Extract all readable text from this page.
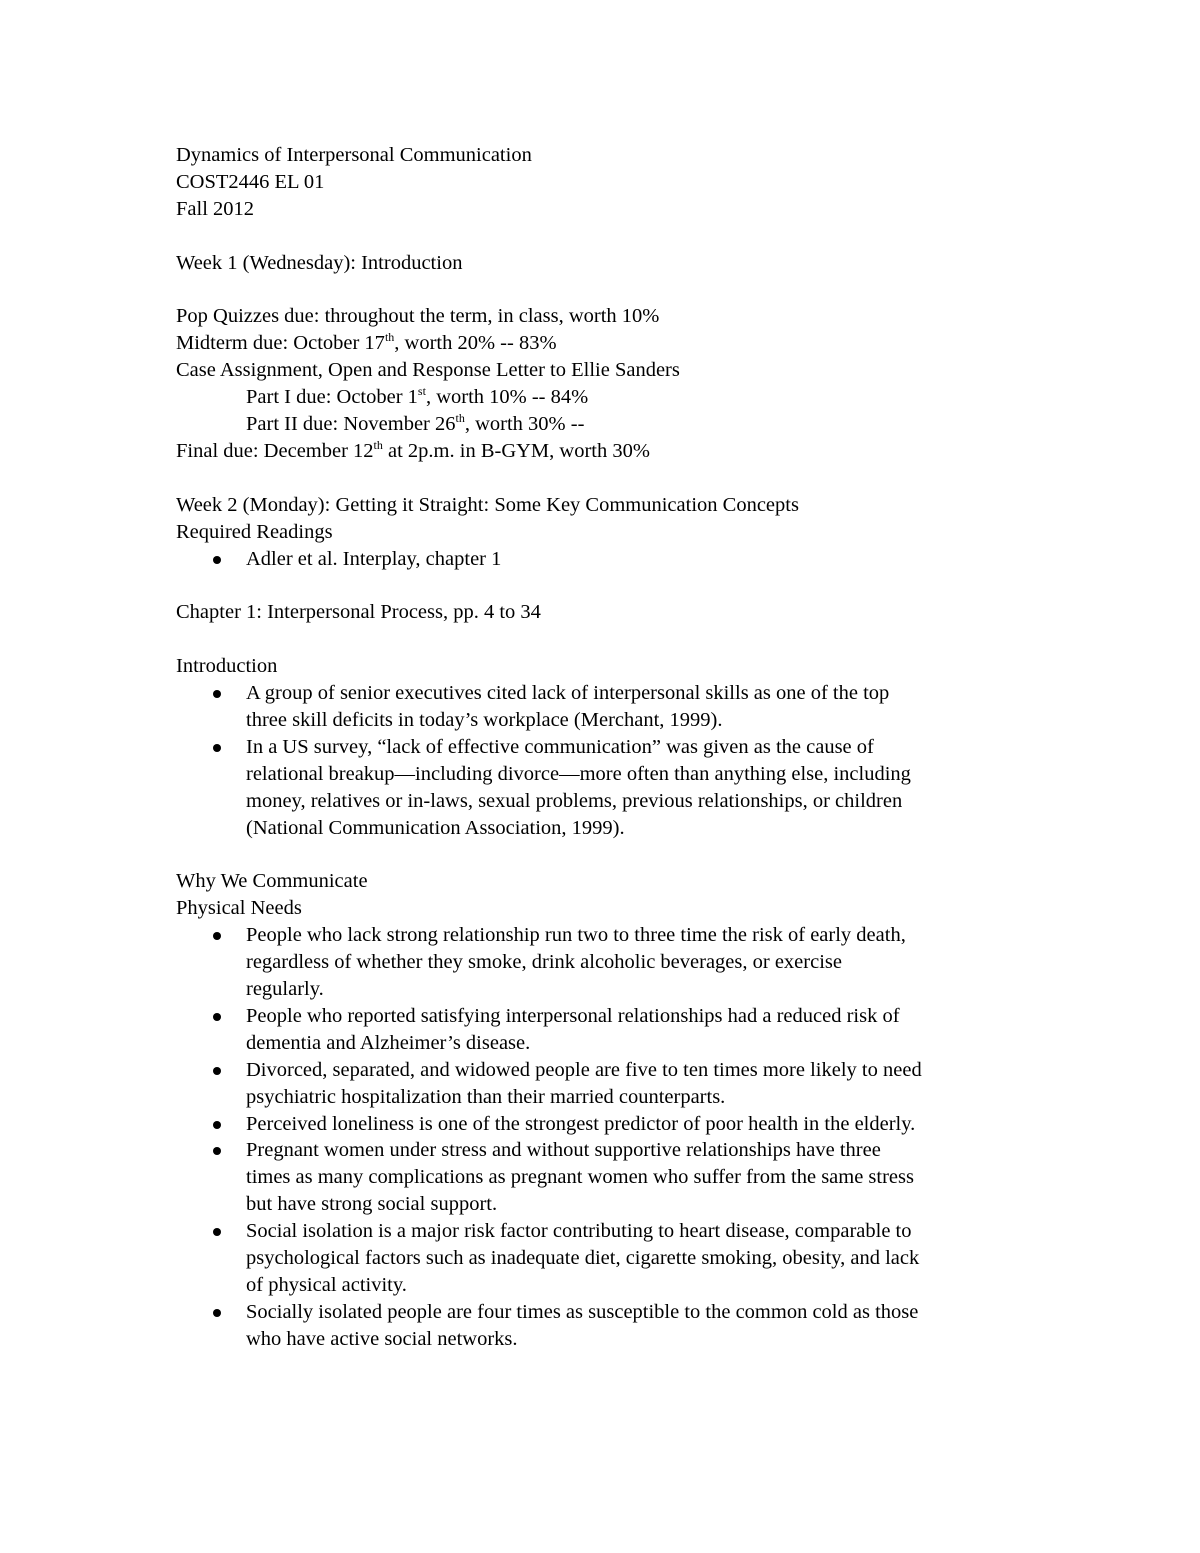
Dynamics of Interpersonal Communication
COST2446 EL 01
Fall 2012
Week 1 (Wednesday): Introduction
Pop Quizzes due: throughout the term, in class, worth 10%
Midterm due: October 17th, worth 20% -- 83%
Case Assignment, Open and Response Letter to Ellie Sanders
Part I due: October 1st, worth 10% -- 84%
Part II due: November 26th, worth 30% --
Final due: December 12th at 2p.m. in B-GYM, worth 30%
Week 2 (Monday): Getting it Straight: Some Key Communication Concepts
Required Readings
Adler et al. Interplay, chapter 1
Chapter 1: Interpersonal Process, pp. 4 to 34
Introduction
A group of senior executives cited lack of interpersonal skills as one of the top
three skill deficits in today’s workplace (Merchant, 1999).
In a US survey, “lack of effective communication” was given as the cause of
relational breakup—including divorce—more often than anything else, including
money, relatives or in-laws, sexual problems, previous relationships, or children
(National Communication Association, 1999).
Why We Communicate
Physical Needs
People who lack strong relationship run two to three time the risk of early death,
regardless of whether they smoke, drink alcoholic beverages, or exercise
regularly.
People who reported satisfying interpersonal relationships had a reduced risk of
dementia and Alzheimer’s disease.
Divorced, separated, and widowed people are five to ten times more likely to need
psychiatric hospitalization than their married counterparts.
Perceived loneliness is one of the strongest predictor of poor health in the elderly.
Pregnant women under stress and without supportive relationships have three
times as many complications as pregnant women who suffer from the same stress
but have strong social support.
Social isolation is a major risk factor contributing to heart disease, comparable to
psychological factors such as inadequate diet, cigarette smoking, obesity, and lack
of physical activity.
Socially isolated people are four times as susceptible to the common cold as those
who have active social networks.
